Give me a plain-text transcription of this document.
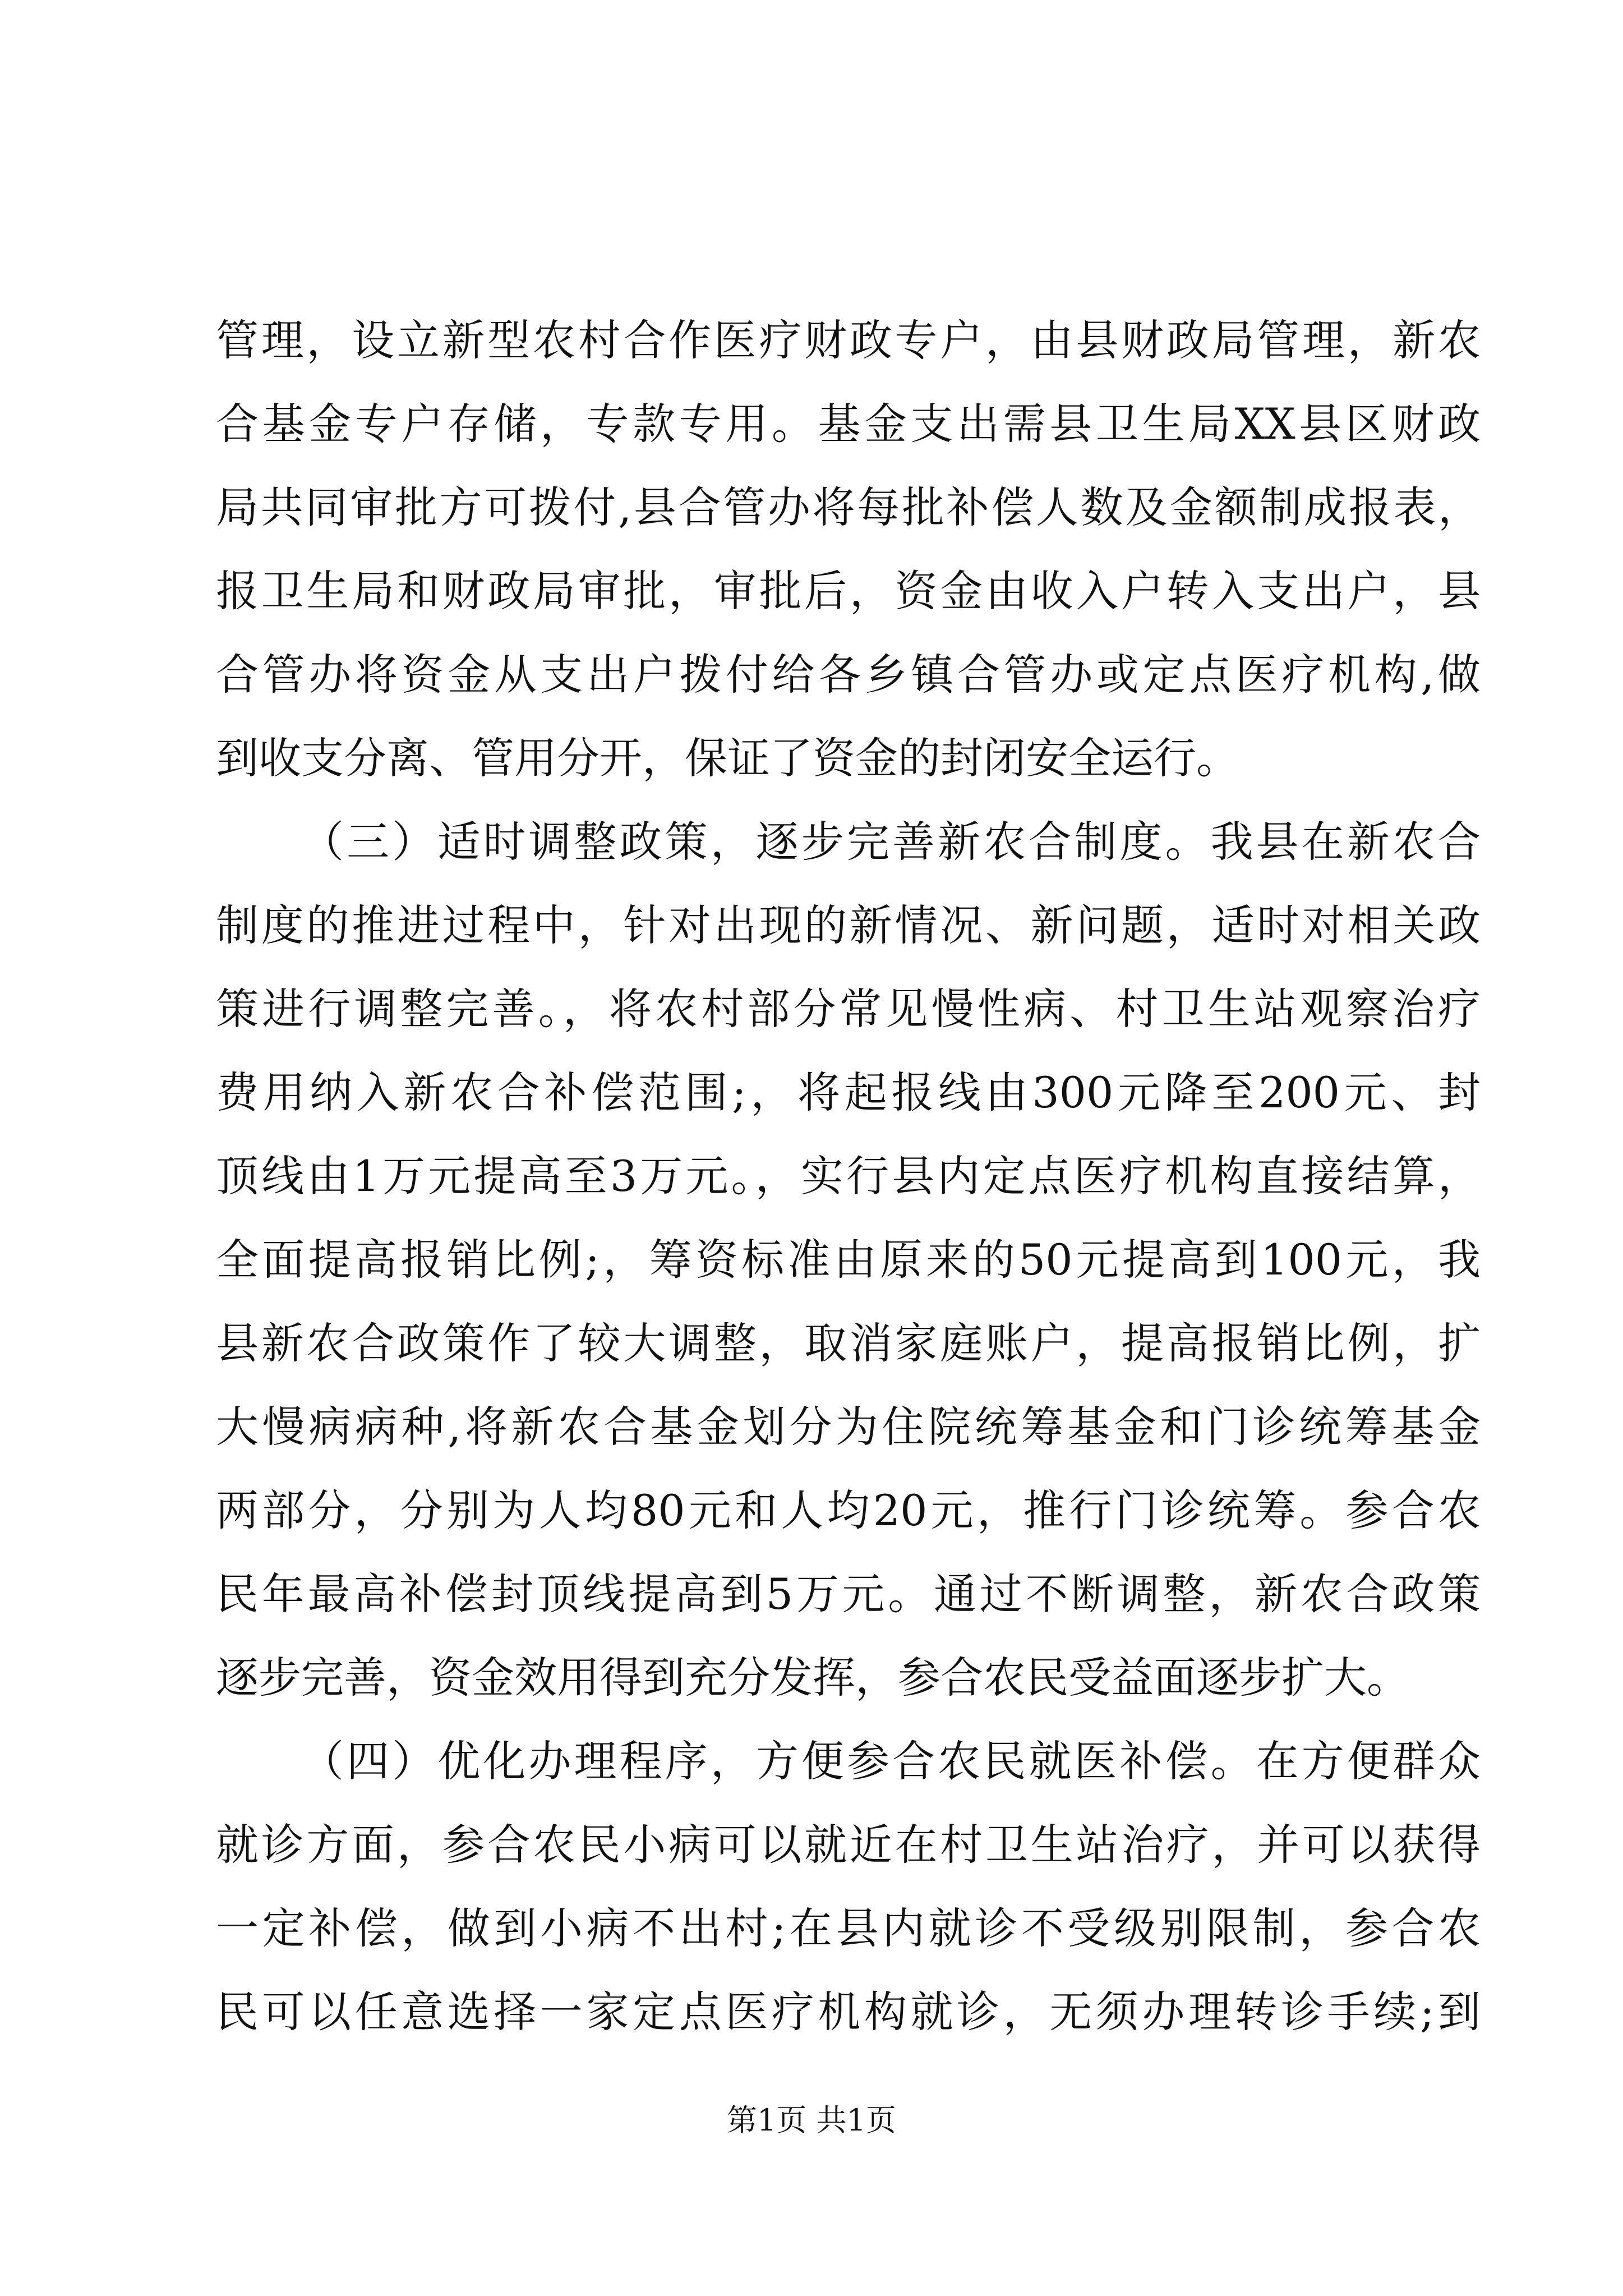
管理，设立新型农村合作医疗财政专户，由县财政局管理，新农
合基金专户存储，专款专用。基金支出需县卫生局XX县区财政
局共同审批方可拨付,县合管办将每批补偿人数及金额制成报表，
报卫生局和财政局审批，审批后，资金由收入户转入支出户，县
合管办将资金从支出户拨付给各乡镇合管办或定点医疗机构,做
到收支分离、管用分开，保证了资金的封闭安全运行。
（三）适时调整政策，逐步完善新农合制度。我县在新农合
制度的推进过程中，针对出现的新情况、新问题，适时对相关政
策进行调整完善。，将农村部分常见慢性病、村卫生站观察治疗
费用纳入新农合补偿范围;，将起报线由300元降至200元、封
顶线由1万元提高至3万元。，实行县内定点医疗机构直接结算，
全面提高报销比例;，筹资标准由原来的50元提高到100元，我
县新农合政策作了较大调整，取消家庭账户，提高报销比例，扩
大慢病病种,将新农合基金划分为住院统筹基金和门诊统筹基金
两部分，分别为人均80元和人均20元，推行门诊统筹。参合农
民年最高补偿封顶线提高到5万元。通过不断调整，新农合政策
逐步完善，资金效用得到充分发挥，参合农民受益面逐步扩大。
（四）优化办理程序，方便参合农民就医补偿。在方便群众
就诊方面，参合农民小病可以就近在村卫生站治疗，并可以获得
一定补偿，做到小病不出村;在县内就诊不受级别限制，参合农
民可以任意选择一家定点医疗机构就诊，无须办理转诊手续;到
第1页 共1页
